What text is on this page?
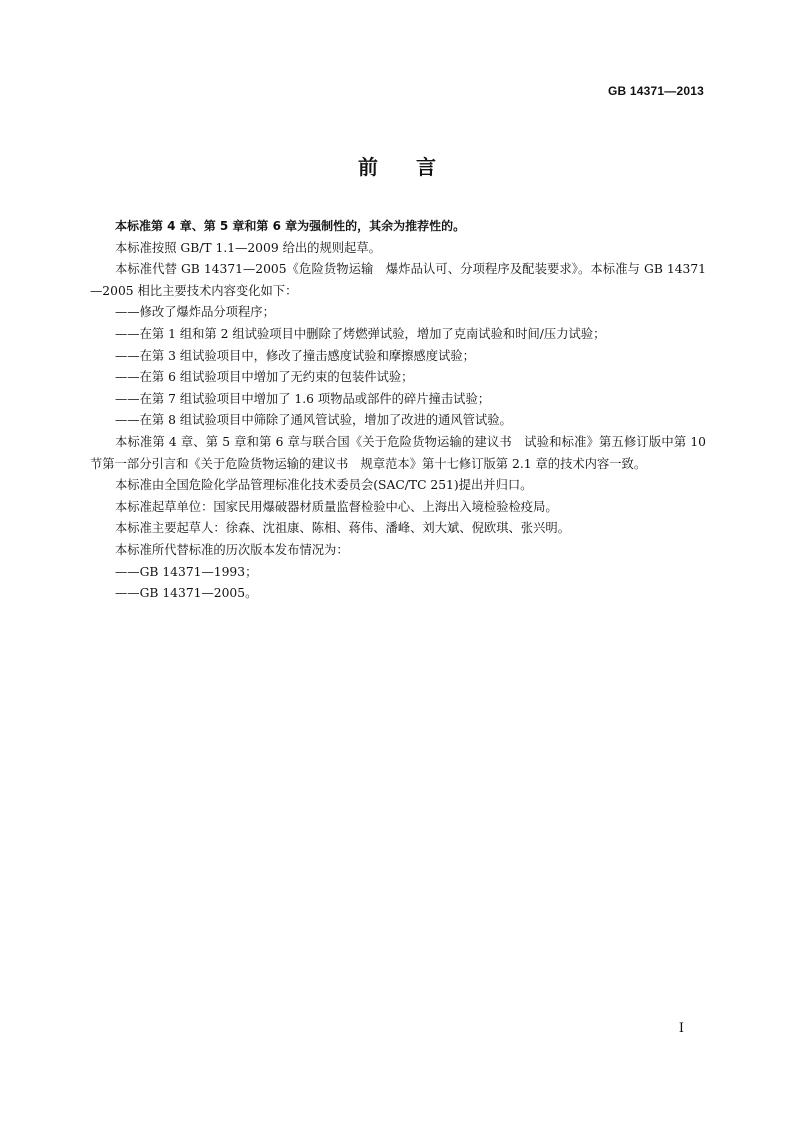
GB 14371—2013
前言

本标准第 4 章、第 5 章和第 6 章为强制性的，其余为推荐性的。

本标准按照 GB/T 1.1—2009 给出的规则起草。

本标准代替 GB 14371—2005《危险货物运输　爆炸品认可、分项程序及配装要求》。本标准与 GB 14371—2005 相比主要技术内容变化如下：

——修改了爆炸品分项程序；

——在第 1 组和第 2 组试验项目中删除了烤燃弹试验，增加了克南试验和时间/压力试验；

——在第 3 组试验项目中，修改了撞击感度试验和摩擦感度试验；

——在第 6 组试验项目中增加了无约束的包装件试验；

——在第 7 组试验项目中增加了 1.6 项物品或部件的碎片撞击试验；

——在第 8 组试验项目中筛除了通风管试验，增加了改进的通风管试验。

本标准第 4 章、第 5 章和第 6 章与联合国《关于危险货物运输的建议书　试验和标准》第五修订版中第 10 节第一部分引言和《关于危险货物运输的建议书　规章范本》第十七修订版第 2.1 章的技术内容一致。

本标准由全国危险化学品管理标准化技术委员会(SAC/TC 251)提出并归口。

本标准起草单位：国家民用爆破器材质量监督检验中心、上海出入境检验检疫局。

本标准主要起草人：徐森、沈祖康、陈相、蒋伟、潘峰、刘大斌、倪欧琪、张兴明。

本标准所代替标准的历次版本发布情况为：

——GB 14371—1993；

——GB 14371—2005。

I
